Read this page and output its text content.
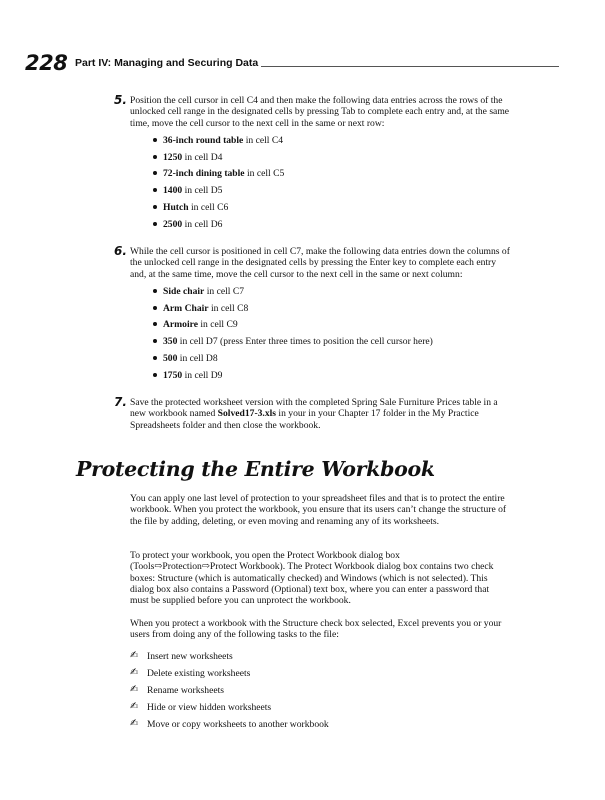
228 Part IV: Managing and Securing Data
5. Position the cell cursor in cell C4 and then make the following data entries across the rows of the unlocked cell range in the designated cells by pressing Tab to complete each entry and, at the same time, move the cell cursor to the next cell in the same or next row:

36-inch round table in cell C4
1250 in cell D4
72-inch dining table in cell C5
1400 in cell D5
Hutch in cell C6
2500 in cell D6
6. While the cell cursor is positioned in cell C7, make the following data entries down the columns of the unlocked cell range in the designated cells by pressing the Enter key to complete each entry and, at the same time, move the cell cursor to the next cell in the same or next column:

Side chair in cell C7
Arm Chair in cell C8
Armoire in cell C9
350 in cell D7 (press Enter three times to position the cell cursor here)
500 in cell D8
1750 in cell D9
7. Save the protected worksheet version with the completed Spring Sale Furniture Prices table in a new workbook named Solved17-3.xls in your in your Chapter 17 folder in the My Practice Spreadsheets folder and then close the workbook.

Protecting the Entire Workbook

You can apply one last level of protection to your spreadsheet files and that is to protect the entire workbook. When you protect the workbook, you ensure that its users can’t change the structure of the file by adding, deleting, or even moving and renaming any of its worksheets.

To protect your workbook, you open the Protect Workbook dialog box (Tools⇨Protection⇨Protect Workbook). The Protect Workbook dialog box contains two check boxes: Structure (which is automatically checked) and Windows (which is not selected). This dialog box also contains a Password (Optional) text box, where you can enter a password that must be supplied before you can unprotect the workbook.

When you protect a workbook with the Structure check box selected, Excel prevents you or your users from doing any of the following tasks to the file:

✍ Insert new worksheets
✍ Delete existing worksheets
✍ Rename worksheets
✍ Hide or view hidden worksheets
✍ Move or copy worksheets to another workbook
